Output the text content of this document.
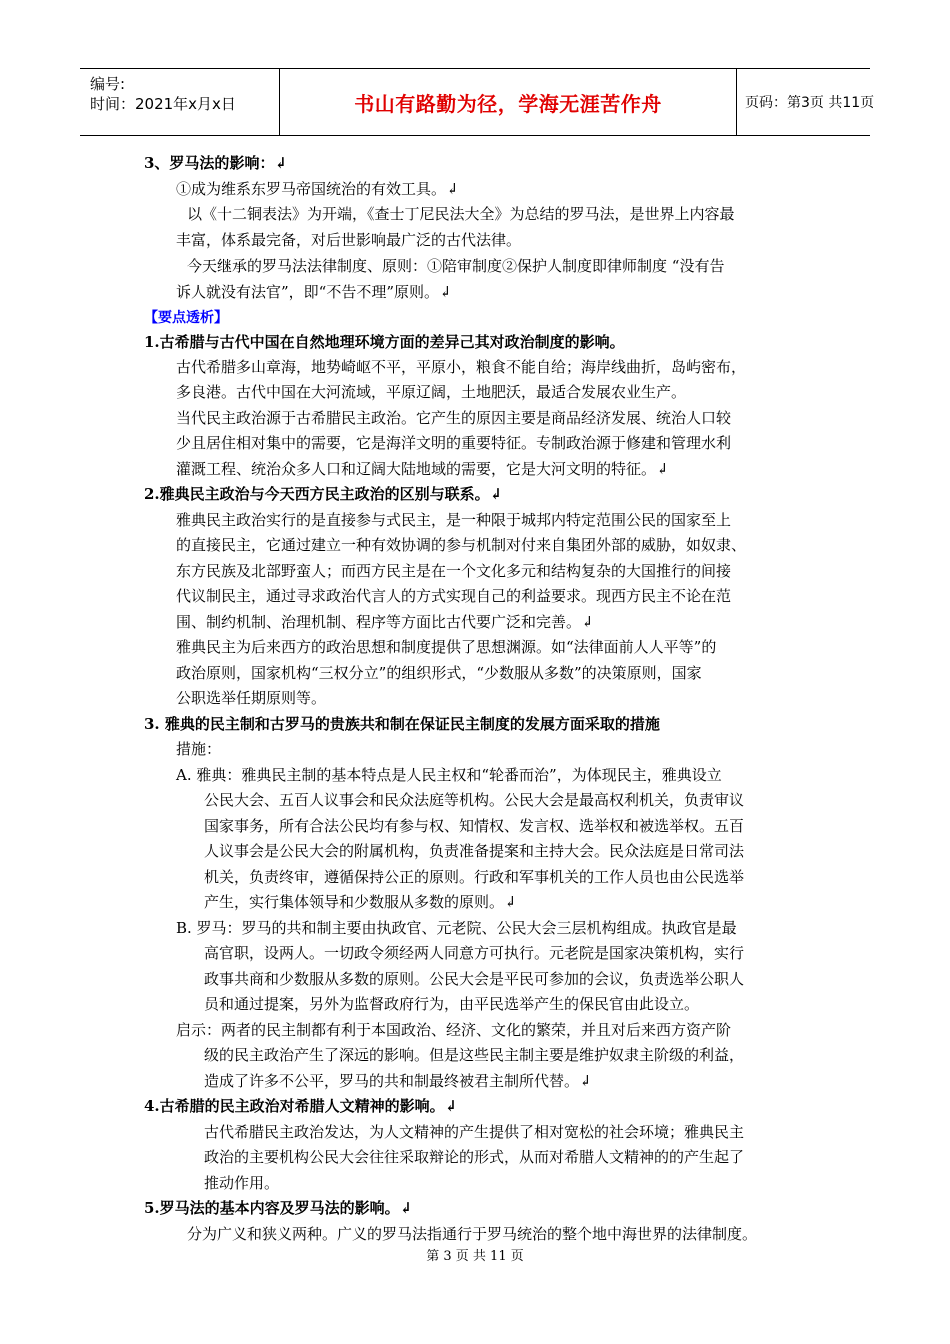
编号:
时间：2021年x月x日	书山有路勤为径，学海无涯苦作舟	页码：第3页 共11页
3、罗马法的影响：↲
①成为维系东罗马帝国统治的有效工具。↲
以《十二铜表法》为开端，《查士丁尼民法大全》为总结的罗马法，是世界上内容最
丰富，体系最完备，对后世影响最广泛的古代法律。
今天继承的罗马法法律制度、原则：①陪审制度②保护人制度即律师制度 “没有告
诉人就没有法官”，即“不告不理”原则。↲
【要点透析】
1.古希腊与古代中国在自然地理环境方面的差异己其对政治制度的影响。
古代希腊多山章海，地势崎岖不平，平原小，粮食不能自给；海岸线曲折，岛屿密布，
多良港。古代中国在大河流域，平原辽阔，土地肥沃，最适合发展农业生产。
当代民主政治源于古希腊民主政治。它产生的原因主要是商品经济发展、统治人口较
少且居住相对集中的需要，它是海洋文明的重要特征。专制政治源于修建和管理水利
灌溉工程、统治众多人口和辽阔大陆地域的需要，它是大河文明的特征。↲
2.雅典民主政治与今天西方民主政治的区别与联系。↲
雅典民主政治实行的是直接参与式民主，是一种限于城邦内特定范围公民的国家至上
的直接民主，它通过建立一种有效协调的参与机制对付来自集团外部的威胁，如奴隶、
东方民族及北部野蛮人；而西方民主是在一个文化多元和结构复杂的大国推行的间接
代议制民主，通过寻求政治代言人的方式实现自己的利益要求。现西方民主不论在范
围、制约机制、治理机制、程序等方面比古代要广泛和完善。↲
雅典民主为后来西方的政治思想和制度提供了思想渊源。如“法律面前人人平等”的
政治原则，国家机构“三权分立”的组织形式，“少数服从多数”的决策原则，国家
公职选举任期原则等。
3. 雅典的民主制和古罗马的贵族共和制在保证民主制度的发展方面采取的措施
措施：
A. 雅典：雅典民主制的基本特点是人民主权和“轮番而治”，为体现民主，雅典设立
公民大会、五百人议事会和民众法庭等机构。公民大会是最高权利机关，负责审议
国家事务，所有合法公民均有参与权、知情权、发言权、选举权和被选举权。五百
人议事会是公民大会的附属机构，负责准备提案和主持大会。民众法庭是日常司法
机关，负责终审，遵循保持公正的原则。行政和军事机关的工作人员也由公民选举
产生，实行集体领导和少数服从多数的原则。↲
B. 罗马：罗马的共和制主要由执政官、元老院、公民大会三层机构组成。执政官是最
高官职，设两人。一切政令须经两人同意方可执行。元老院是国家决策机构，实行
政事共商和少数服从多数的原则。公民大会是平民可参加的会议，负责选举公职人
员和通过提案，另外为监督政府行为，由平民选举产生的保民官由此设立。
启示：两者的民主制都有利于本国政治、经济、文化的繁荣，并且对后来西方资产阶
级的民主政治产生了深远的影响。但是这些民主制主要是维护奴隶主阶级的利益，
造成了许多不公平，罗马的共和制最终被君主制所代替。↲
4.古希腊的民主政治对希腊人文精神的影响。↲
古代希腊民主政治发达，为人文精神的产生提供了相对宽松的社会环境；雅典民主
政治的主要机构公民大会往往采取辩论的形式，从而对希腊人文精神的的产生起了
推动作用。
5.罗马法的基本内容及罗马法的影响。↲
分为广义和狭义两种。广义的罗马法指通行于罗马统治的整个地中海世界的法律制度。
第 3 页 共 11 页
